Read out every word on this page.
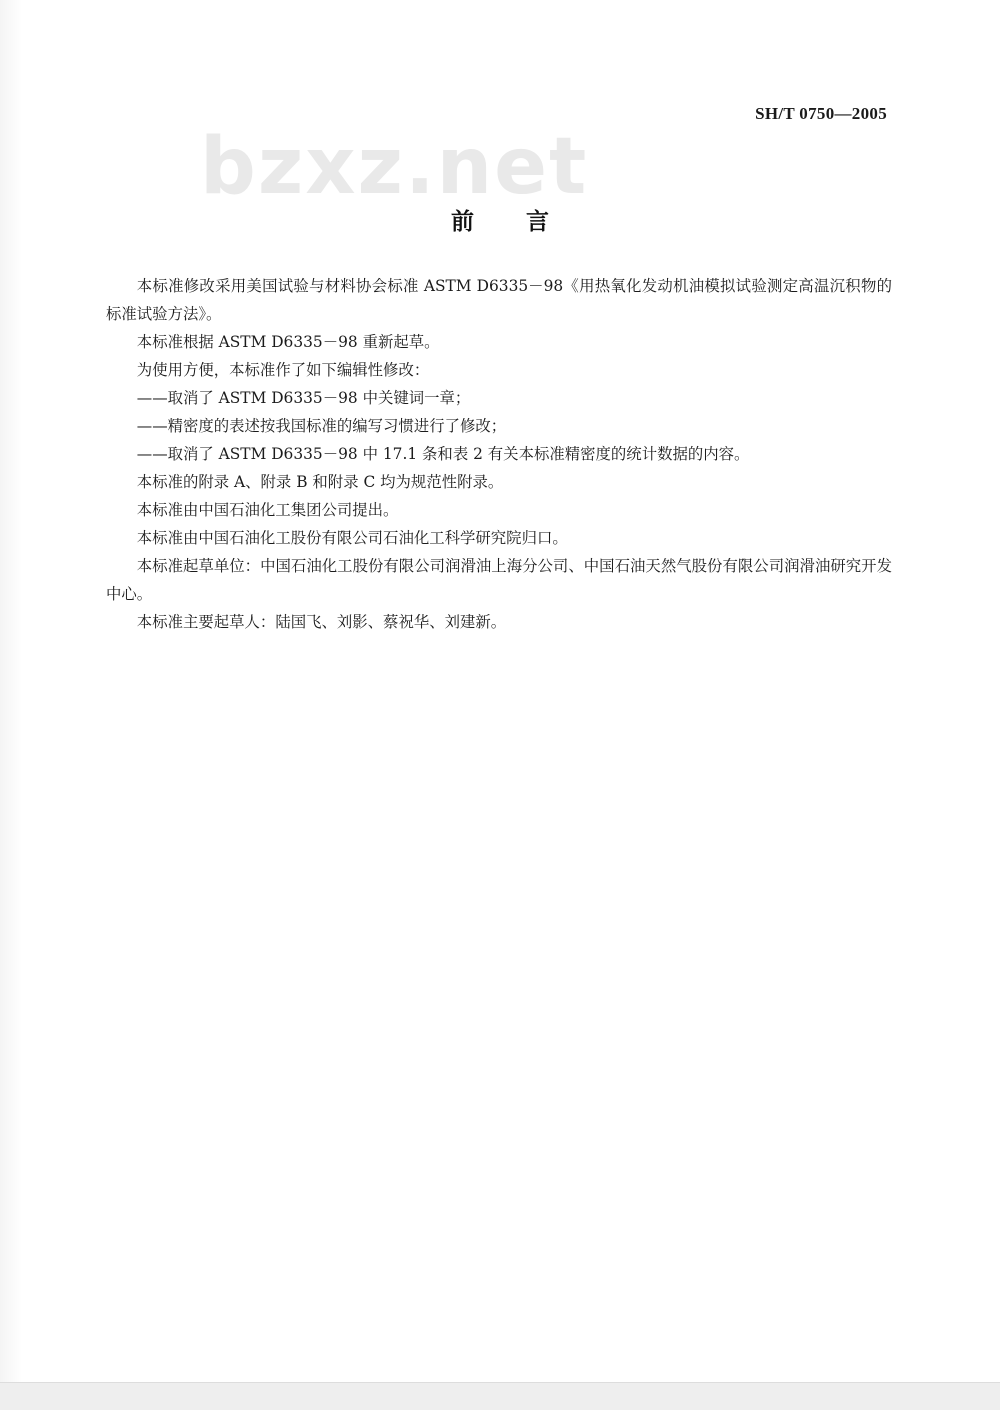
SH/T 0750—2005
bzxz.net
前言

本标准修改采用美国试验与材料协会标准 ASTM D6335－98《用热氧化发动机油模拟试验测定高温沉积物的标准试验方法》。

本标准根据 ASTM D6335－98 重新起草。

为使用方便，本标准作了如下编辑性修改：

——取消了 ASTM D6335－98 中关键词一章；

——精密度的表述按我国标准的编写习惯进行了修改；

——取消了 ASTM D6335－98 中 17.1 条和表 2 有关本标准精密度的统计数据的内容。

本标准的附录 A、附录 B 和附录 C 均为规范性附录。

本标准由中国石油化工集团公司提出。

本标准由中国石油化工股份有限公司石油化工科学研究院归口。

本标准起草单位：中国石油化工股份有限公司润滑油上海分公司、中国石油天然气股份有限公司润滑油研究开发中心。

本标准主要起草人：陆国飞、刘影、蔡祝华、刘建新。
